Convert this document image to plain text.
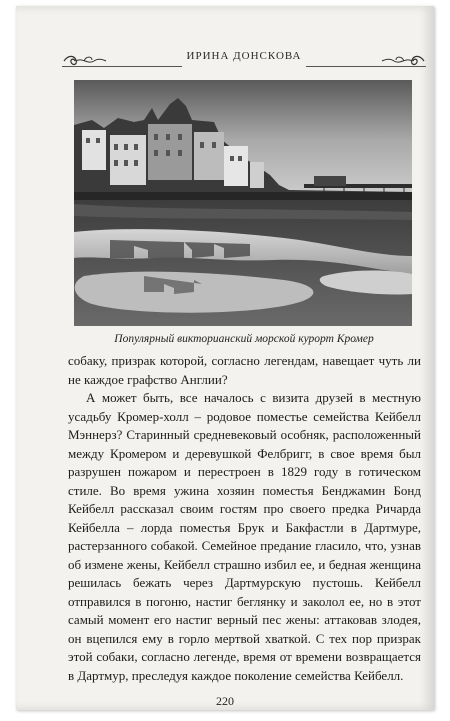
ИРИНА ДОНСКОВА
Популярный викторианский морской курорт Кромер

собаку, призрак которой, согласно легендам, навещает чуть ли не каждое графство Англии?

А может быть, все началось с визита друзей в местную усадьбу Кромер-холл – родовое поместье семейства Кейбелл Мэннерз? Старинный средневековый особняк, расположенный между Кромером и деревушкой Фелбригг, в свое время был разрушен пожаром и перестроен в 1829 году в готическом стиле. Во время ужина хозяин поместья Бенджамин Бонд Кейбелл рассказал своим гостям про своего предка Ричарда Кейбелла – лорда поместья Брук и Бакфастли в Дартмуре, растерзанного собакой. Семейное предание гласило, что, узнав об измене жены, Кейбелл страшно избил ее, и бедная женщина решилась бежать через Дартмурскую пустошь. Кейбелл отправился в погоню, настиг беглянку и заколол ее, но в этот самый момент его настиг верный пес жены: аттаковав злодея, он вцепился ему в горло мертвой хваткой. С тех пор призрак этой собаки, согласно легенде, время от времени возвращается в Дартмур, преследуя каждое поколение семейства Кейбелл.

220
